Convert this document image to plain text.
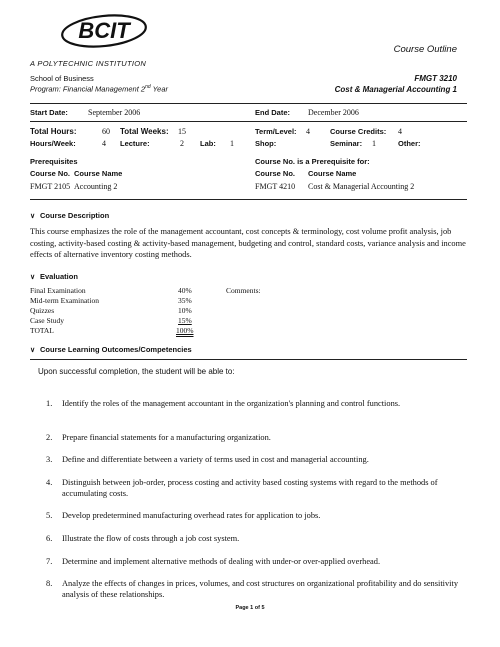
BCIT
A POLYTECHNIC INSTITUTION
Course Outline
School of Business
Program: Financial Management 2nd Year
FMGT 3210
Cost & Managerial Accounting 1
Start Date:	September 2006	End Date: December 2006
Total Hours:	60 Total Weeks: 15	Term/Level: 4	Course Credits: 4
Hours/Week:	4 Lecture:	2 Lab: 1	Shop:	Seminar: 1	Other:
Prerequisites
Course No. Course Name
FMGT 2105 Accounting 2
Course No. is a Prerequisite for:
Course No. Course Name
FMGT 4210 Cost & Managerial Accounting 2
∨ Course Description
This course emphasizes the role of the management accountant, cost concepts & terminology, cost volume profit analysis, job costing, activity-based costing & activity-based management, budgeting and control, standard costs, variance analysis and income effects of alternative inventory costing methods.
∨ Evaluation
Final Examination	40%
Mid-term Examination	35%
Quizzes	10%
Case Study	15%
TOTAL	100%
Comments:
∨ Course Learning Outcomes/Competencies
Upon successful completion, the student will be able to:
1. Identify the roles of the management accountant in the organization's planning and control functions.
2. Prepare financial statements for a manufacturing organization.
3. Define and differentiate between a variety of terms used in cost and managerial accounting.
4. Distinguish between job-order, process costing and activity based costing systems with regard to the methods of accumulating costs.
5. Develop predetermined manufacturing overhead rates for application to jobs.
6. Illustrate the flow of costs through a job cost system.
7. Determine and implement alternative methods of dealing with under-or over-applied overhead.
8. Analyze the effects of changes in prices, volumes, and cost structures on organizational profitability and do sensitivity analysis of these relationships.
Page 1 of 5
